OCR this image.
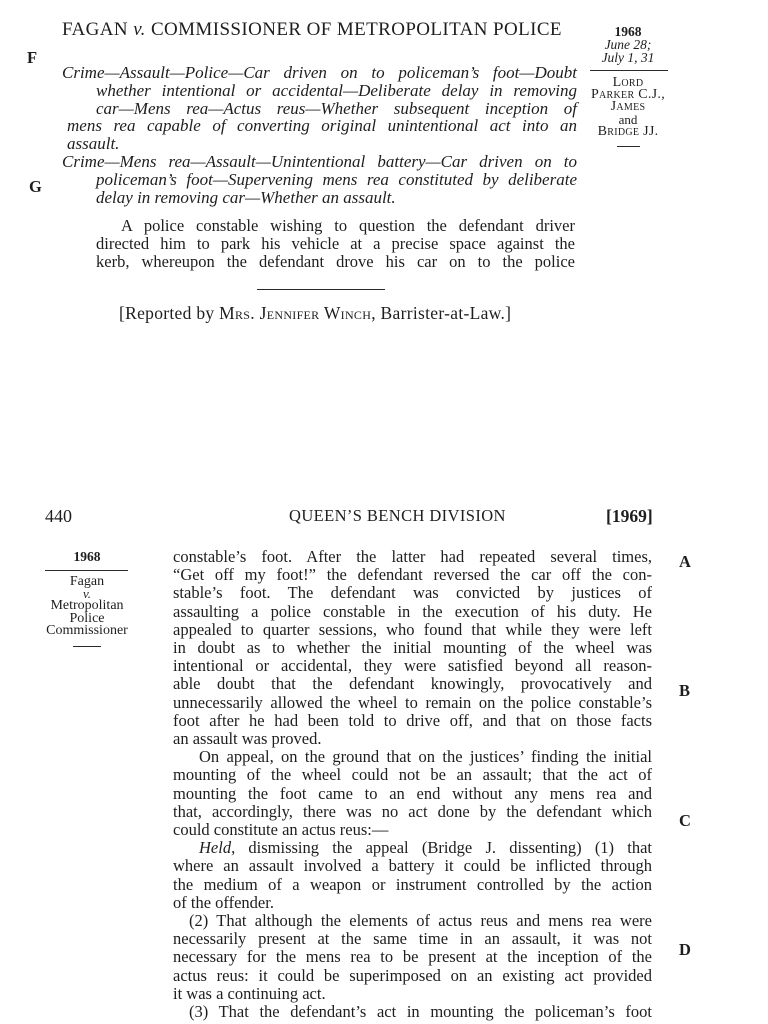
FAGAN v. COMMISSIONER OF METROPOLITAN POLICE
F
G
1968
June 28;
July 1, 31
Lord
Parker C.J.,
James
and
Bridge JJ.
Crime—Assault—Police—Car driven on to policeman’s foot—Doubt
whether intentional or accidental—Deliberate delay in removing
car—Mens rea—Actus reus—Whether subsequent inception of
mens rea capable of converting original unintentional act into an
assault.
Crime—Mens rea—Assault—Unintentional battery—Car driven on to
policeman’s foot—Supervening mens rea constituted by deliberate
delay in removing car—Whether an assault.
A police constable wishing to question the defendant driver
directed him to park his vehicle at a precise space against the
kerb, whereupon the defendant drove his car on to the police
[Reported by Mrs. Jennifer Winch, Barrister-at-Law.]
440	QUEEN’S BENCH DIVISION	[1969]
1968
Fagan
v.
Metropolitan
Police
Commissioner
A
B
C
D
constable’s foot. After the latter had repeated several times,
“Get off my foot!” the defendant reversed the car off the con-
stable’s foot. The defendant was convicted by justices of
assaulting a police constable in the execution of his duty. He
appealed to quarter sessions, who found that while they were left
in doubt as to whether the initial mounting of the wheel was
intentional or accidental, they were satisfied beyond all reason-
able doubt that the defendant knowingly, provocatively and
unnecessarily allowed the wheel to remain on the police constable’s
foot after he had been told to drive off, and that on those facts
an assault was proved.
On appeal, on the ground that on the justices’ finding the initial
mounting of the wheel could not be an assault; that the act of
mounting the foot came to an end without any mens rea and
that, accordingly, there was no act done by the defendant which
could constitute an actus reus:—
Held, dismissing the appeal (Bridge J. dissenting) (1) that
where an assault involved a battery it could be inflicted through
the medium of a weapon or instrument controlled by the action
of the offender.
(2) That although the elements of actus reus and mens rea were
necessarily present at the same time in an assault, it was not
necessary for the mens rea to be present at the inception of the
actus reus: it could be superimposed on an existing act provided
it was a continuing act.
(3) That the defendant’s act in mounting the policeman’s foot
